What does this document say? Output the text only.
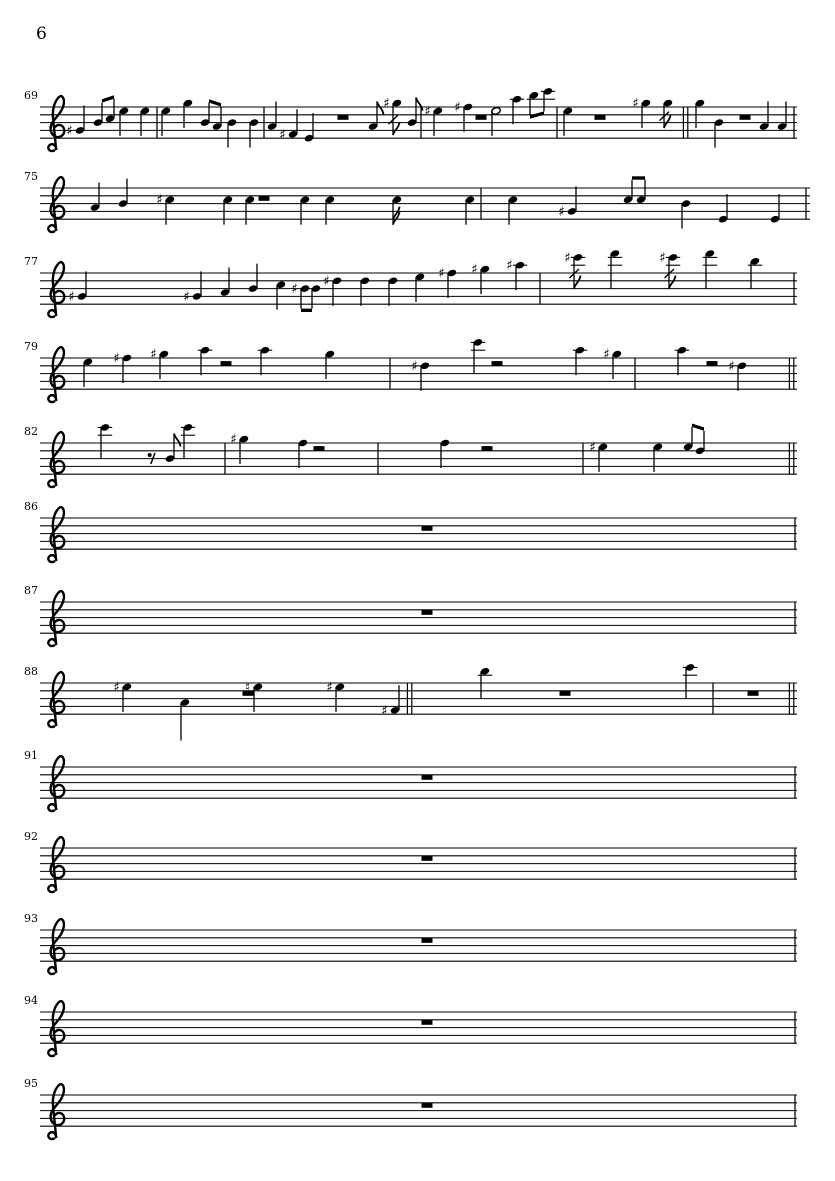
6
69
♯	♯
♯	♯ ♯	♯
75
♯
♯
77
♯	♯	♯ ♯	♯ ♯ ♯	♯	♯
79
♯ ♯
♯
♯
♯
82
♯	♯
86
87
88
♯	♮	♯
♯
91
92
93
94
95
